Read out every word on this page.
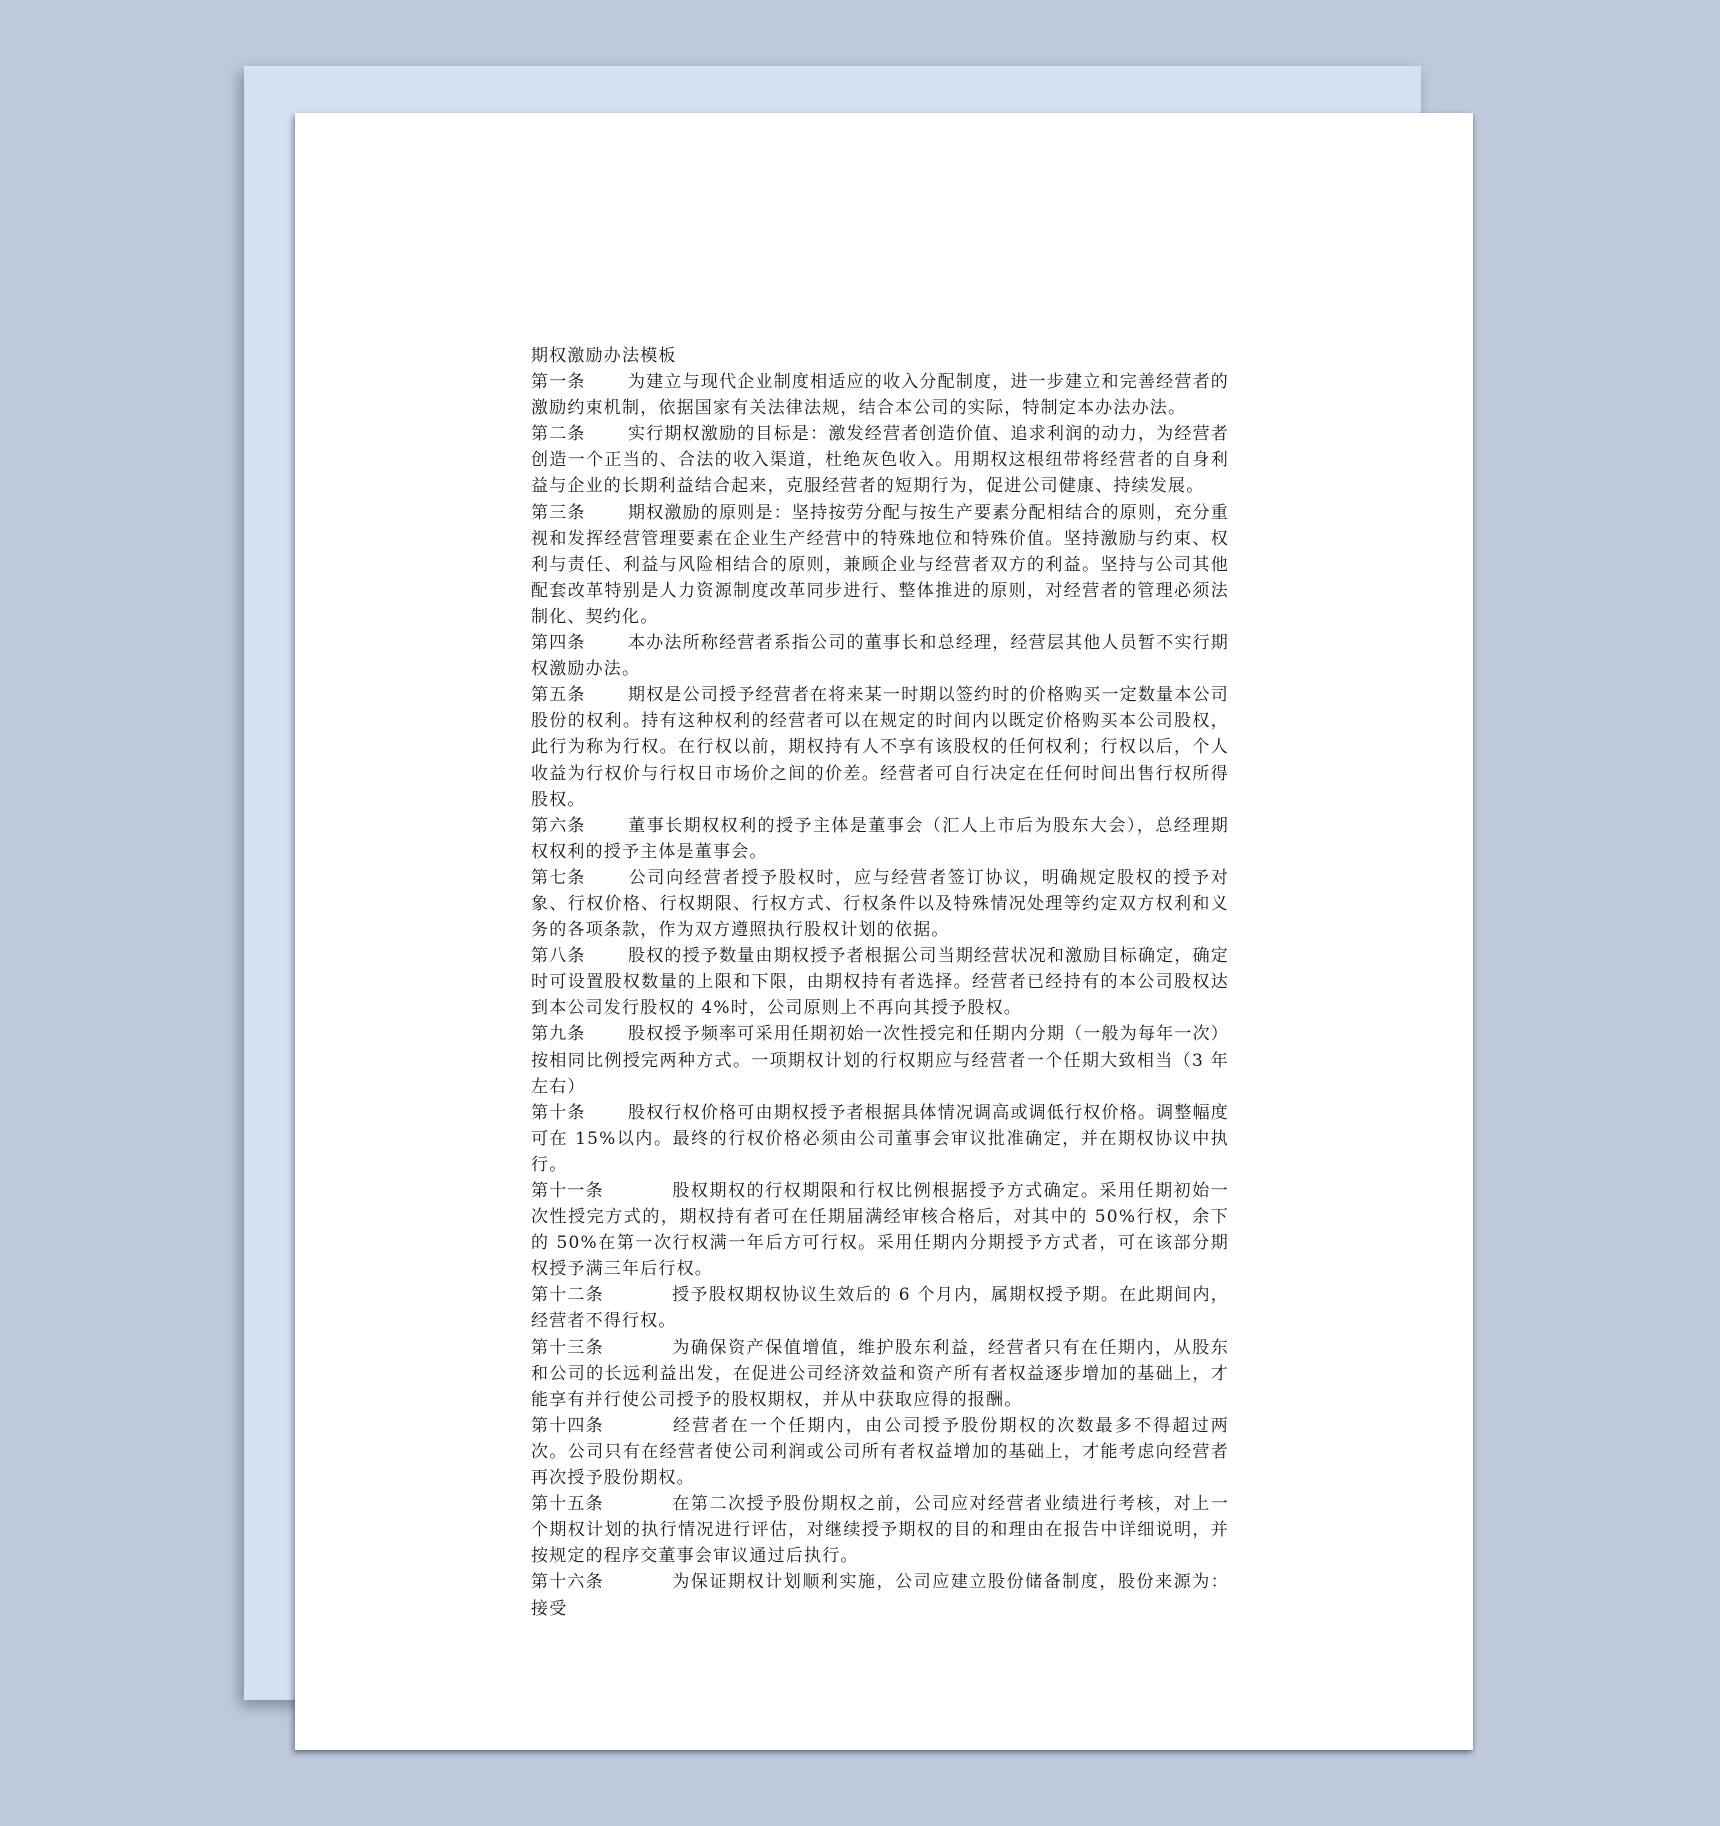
期权激励办法模板

第一条 为建立与现代企业制度相适应的收入分配制度，进一步建立和完善经营者的激励约束机制，依据国家有关法律法规，结合本公司的实际，特制定本办法办法。

第二条 实行期权激励的目标是：激发经营者创造价值、追求利润的动力，为经营者创造一个正当的、合法的收入渠道，杜绝灰色收入。用期权这根纽带将经营者的自身利益与企业的长期利益结合起来，克服经营者的短期行为，促进公司健康、持续发展。

第三条 期权激励的原则是：坚持按劳分配与按生产要素分配相结合的原则，充分重视和发挥经营管理要素在企业生产经营中的特殊地位和特殊价值。坚持激励与约束、权利与责任、利益与风险相结合的原则，兼顾企业与经营者双方的利益。坚持与公司其他配套改革特别是人力资源制度改革同步进行、整体推进的原则，对经营者的管理必须法制化、契约化。

第四条 本办法所称经营者系指公司的董事长和总经理，经营层其他人员暂不实行期权激励办法。

第五条 期权是公司授予经营者在将来某一时期以签约时的价格购买一定数量本公司股份的权利。持有这种权利的经营者可以在规定的时间内以既定价格购买本公司股权，此行为称为行权。在行权以前，期权持有人不享有该股权的任何权利；行权以后，个人收益为行权价与行权日市场价之间的价差。经营者可自行决定在任何时间出售行权所得股权。

第六条 董事长期权权利的授予主体是董事会（汇人上市后为股东大会），总经理期权权利的授予主体是董事会。

第七条 公司向经营者授予股权时，应与经营者签订协议，明确规定股权的授予对象、行权价格、行权期限、行权方式、行权条件以及特殊情况处理等约定双方权利和义务的各项条款，作为双方遵照执行股权计划的依据。

第八条 股权的授予数量由期权授予者根据公司当期经营状况和激励目标确定，确定时可设置股权数量的上限和下限，由期权持有者选择。经营者已经持有的本公司股权达到本公司发行股权的 4%时，公司原则上不再向其授予股权。

第九条 股权授予频率可采用任期初始一次性授完和任期内分期（一般为每年一次）按相同比例授完两种方式。一项期权计划的行权期应与经营者一个任期大致相当（3 年左右）

第十条 股权行权价格可由期权授予者根据具体情况调高或调低行权价格。调整幅度可在 15%以内。最终的行权价格必须由公司董事会审议批准确定，并在期权协议中执行。

第十一条	股权期权的行权期限和行权比例根据授予方式确定。采用任期初始一次性授完方式的，期权持有者可在任期届满经审核合格后，对其中的 50%行权，余下的 50%在第一次行权满一年后方可行权。采用任期内分期授予方式者，可在该部分期权授予满三年后行权。

第十二条	授予股权期权协议生效后的 6 个月内，属期权授予期。在此期间内，经营者不得行权。

第十三条	为确保资产保值增值，维护股东利益，经营者只有在任期内，从股东和公司的长远利益出发，在促进公司经济效益和资产所有者权益逐步增加的基础上，才能享有并行使公司授予的股权期权，并从中获取应得的报酬。

第十四条	经营者在一个任期内，由公司授予股份期权的次数最多不得超过两次。公司只有在经营者使公司利润或公司所有者权益增加的基础上，才能考虑向经营者再次授予股份期权。

第十五条	在第二次授予股份期权之前，公司应对经营者业绩进行考核，对上一个期权计划的执行情况进行评估，对继续授予期权的目的和理由在报告中详细说明，并按规定的程序交董事会审议通过后执行。

第十六条	为保证期权计划顺利实施，公司应建立股份储备制度，股份来源为：接受
